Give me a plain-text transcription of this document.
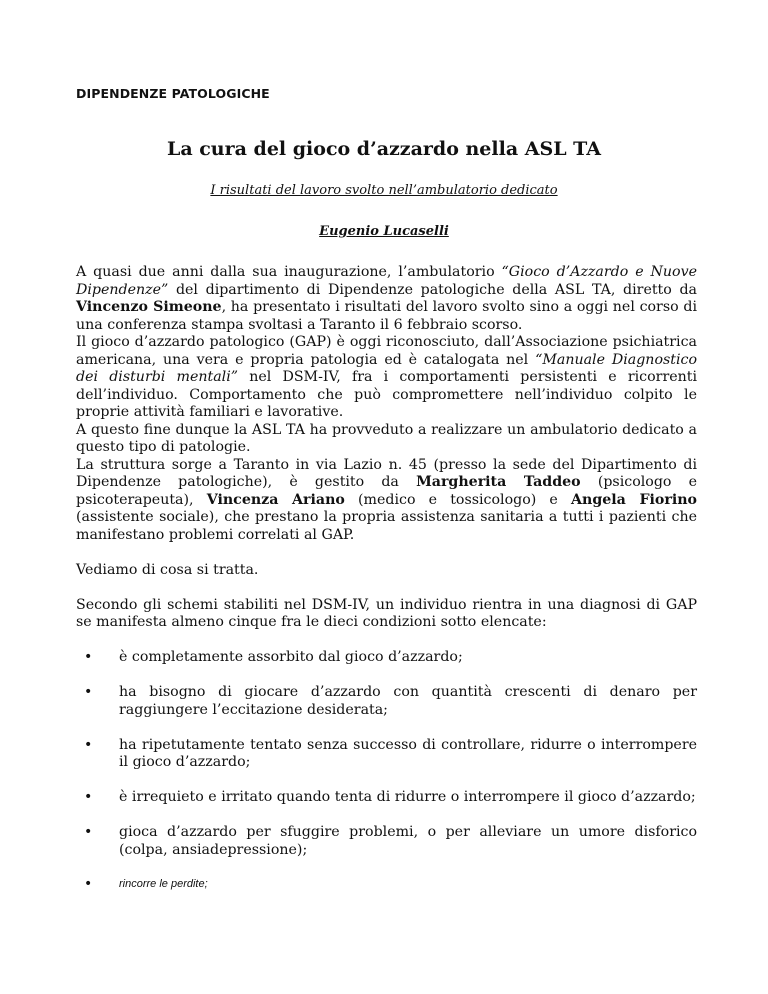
DIPENDENZE PATOLOGICHE
La cura del gioco d’azzardo nella ASL TA
I risultati del lavoro svolto nell’ambulatorio dedicato
Eugenio Lucaselli

A quasi due anni dalla sua inaugurazione, l’ambulatorio “Gioco d’Azzardo e Nuove Dipendenze” del dipartimento di Dipendenze patologiche della ASL TA, diretto da Vincenzo Simeone, ha presentato i risultati del lavoro svolto sino a oggi nel corso di una conferenza stampa svoltasi a Taranto il 6 febbraio scorso.

Il gioco d’azzardo patologico (GAP) è oggi riconosciuto, dall’Associazione psichiatrica americana, una vera e propria patologia ed è catalogata nel “Manuale Diagnostico dei disturbi mentali” nel DSM-IV, fra i comportamenti persistenti e ricorrenti dell’individuo. Comportamento che può compromettere nell’individuo colpito le proprie attività familiari e lavorative.

A questo fine dunque la ASL TA ha provveduto a realizzare un ambulatorio dedicato a questo tipo di patologie.

La struttura sorge a Taranto in via Lazio n. 45 (presso la sede del Dipartimento di Dipendenze patologiche), è gestito da Margherita Taddeo (psicologo e psicoterapeuta), Vincenza Ariano (medico e tossicologo) e Angela Fiorino (assistente sociale), che prestano la propria assistenza sanitaria a tutti i pazienti che manifestano problemi correlati al GAP.

Vediamo di cosa si tratta.

Secondo gli schemi stabiliti nel DSM-IV, un individuo rientra in una diagnosi di GAP se manifesta almeno cinque fra le dieci condizioni sotto elencate:

• è completamente assorbito dal gioco d’azzardo;
• ha bisogno di giocare d’azzardo con quantità crescenti di denaro per raggiungere l’eccitazione desiderata;
• ha ripetutamente tentato senza successo di controllare, ridurre o interrompere il gioco d’azzardo;
• è irrequieto e irritato quando tenta di ridurre o interrompere il gioco d’azzardo;
• gioca d’azzardo per sfuggire problemi, o per alleviare un umore disforico (colpa, ansiadepressione);
• rincorre le perdite;
